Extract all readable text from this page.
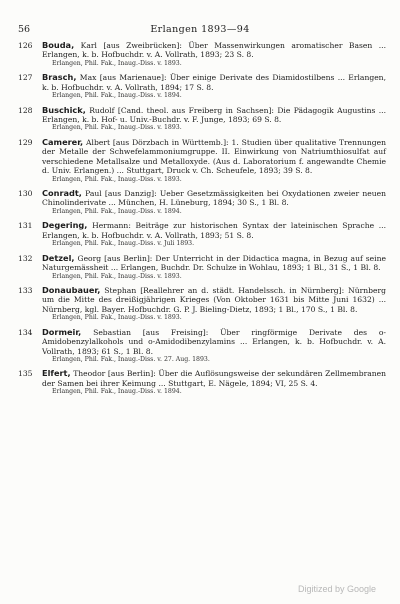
56	Erlangen 1893—94
126 Bouda, Karl [aus Zweibrücken]: Über Massenwirkungen aromatischer Basen ... Erlangen, k. b. Hofbuchdr. v. A. Vollrath, 1893; 23 S. 8.
Erlangen, Phil. Fak., Inaug.-Diss. v. 1893.
127 Brasch, Max [aus Marienaue]: Über einige Derivate des Diamidostilbens ... Erlangen, k. b. Hofbuchdr. v. A. Vollrath, 1894; 17 S. 8.
Erlangen, Phil. Fak., Inaug.-Diss. v. 1894.
128 Buschick, Rudolf [Cand. theol. aus Freiberg in Sachsen]: Die Pädagogik Augustins ... Erlangen, k. b. Hof- u. Univ.-Buchdr. v. F. Junge, 1893; 69 S. 8.
Erlangen, Phil. Fak., Inaug.-Diss. v. 1893.
129 Camerer, Albert [aus Dörzbach in Württemb.]: 1. Studien über qualitative Trennungen der Metalle der Schwefelammoniumgruppe. II. Einwirkung von Natriumthiosulfat auf verschiedene Metallsalze und Metalloxyde. (Aus d. Laboratorium f. angewandte Chemie d. Univ. Erlangen.) ... Stuttgart, Druck v. Ch. Scheufele, 1893; 39 S. 8.
Erlangen, Phil. Fak., Inaug.-Diss. v. 1893.
130 Conradt, Paul [aus Danzig]: Ueber Gesetzmässigkeiten bei Oxydationen zweier neuen Chinolinderivate ... München, H. Lüneburg, 1894; 30 S., 1 Bl. 8.
Erlangen, Phil. Fak., Inaug.-Diss. v. 1894.
131 Degering, Hermann: Beiträge zur historischen Syntax der lateinischen Sprache ... Erlangen, k. b. Hofbuchdr. v. A. Vollrath, 1893; 51 S. 8.
Erlangen, Phil. Fak., Inaug.-Diss. v. Juli 1893.
132 Detzel, Georg [aus Berlin]: Der Unterricht in der Didactica magna, in Bezug auf seine Naturgemässheit ... Erlangen, Buchdr. Dr. Schulze in Wohlau, 1893; 1 Bl., 31 S., 1 Bl. 8.
Erlangen, Phil. Fak., Inaug.-Diss. v. 1893.
133 Donaubauer, Stephan [Reallehrer an d. städt. Handelssch. in Nürnberg]: Nürnberg um die Mitte des dreißigjährigen Krieges (Von Oktober 1631 bis Mitte Juni 1632) ... Nürnberg, kgl. Bayer. Hofbuchdr. G. P. J. Bieling-Dietz, 1893; 1 Bl., 170 S., 1 Bl. 8.
Erlangen, Phil. Fak., Inaug.-Diss. v. 1893.
134 Dormeir, Sebastian [aus Freising]: Über ringförmige Derivate des o-Amidobenzylalkohols und o-Amidodibenzylamins ... Erlangen, k. b. Hofbuchdr. v. A. Vollrath, 1893; 61 S., 1 Bl. 8.
Erlangen, Phil. Fak., Inaug.-Diss. v. 27. Aug. 1893.
135 Elfert, Theodor [aus Berlin]: Über die Auflösungsweise der sekundären Zellmembranen der Samen bei ihrer Keimung ... Stuttgart, E. Nägele, 1894; VI, 25 S. 4.
Erlangen, Phil. Fak., Inaug.-Diss. v. 1894.
Digitized by Google
